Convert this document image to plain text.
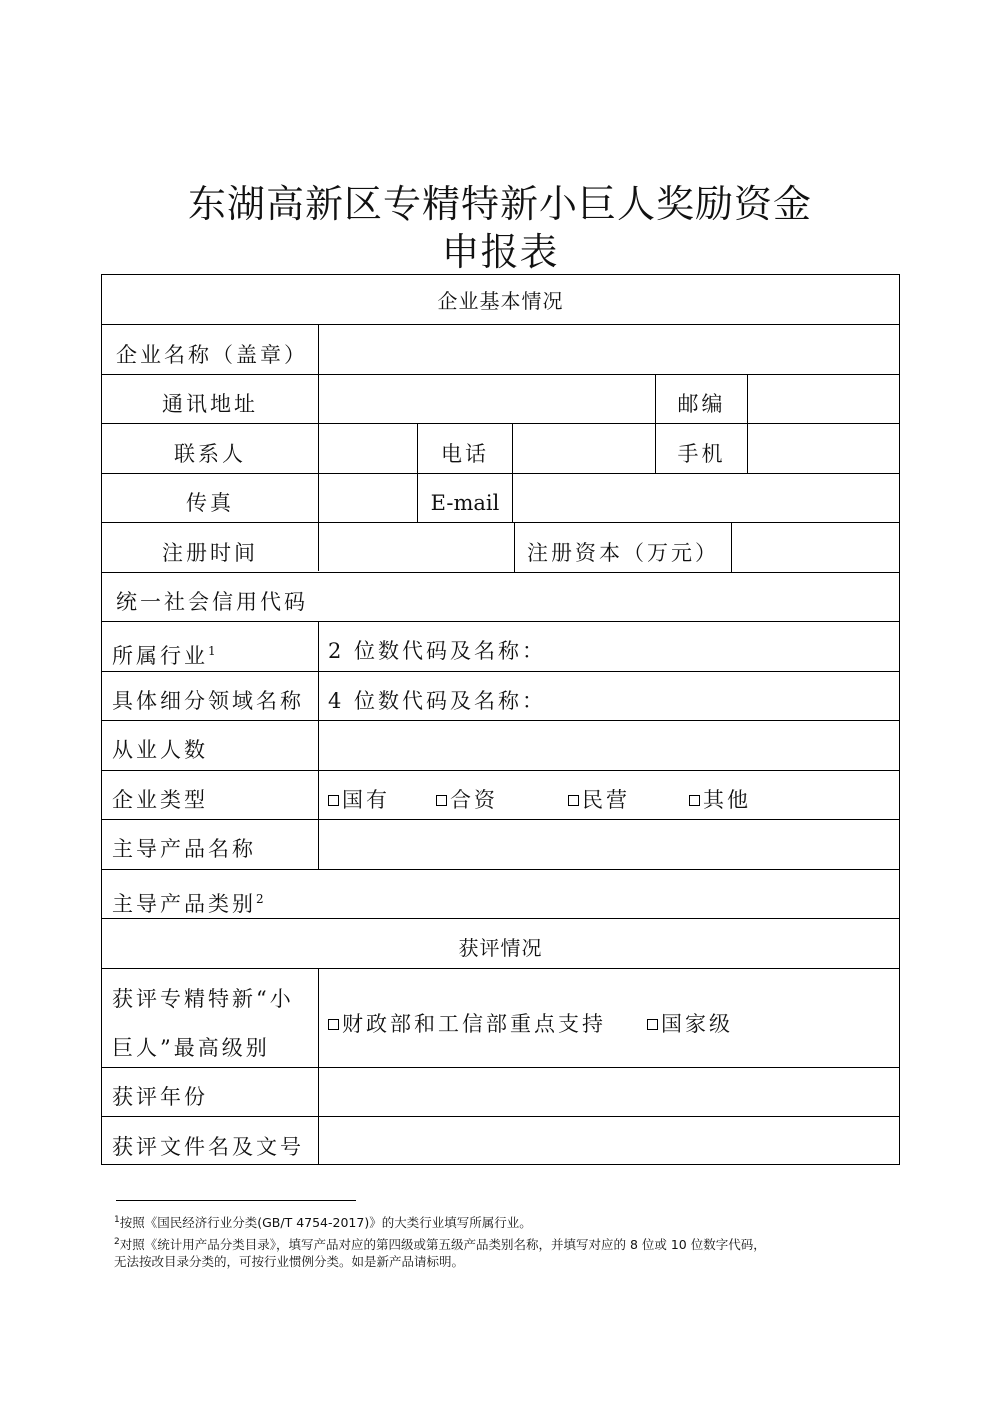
东湖高新区专精特新小巨人奖励资金
申报表
企业基本情况
企业名称（盖章）
通讯地址	邮编
联系人	电话	手机
传真	E-mail
注册时间	注册资本（万元）
统一社会信用代码
所属行业$^1$	2 位数代码及名称：
具体细分领域名称 4 位数代码及名称：
从业人数
企业类型	国有	合资	民营	其他
主导产品名称
主导产品类别$^2$
获评情况
获评专精特新“小
巨人”最高级别
财政部和工信部重点支持	国家级
获评年份
获评文件名及文号
$^1$按照《国民经济行业分类(GB/T 4754-2017)》的大类行业填写所属行业。
$^2$对照《统计用产品分类目录》，填写产品对应的第四级或第五级产品类别名称，并填写对应的 8 位或 10 位数字代码，
无法按改目录分类的，可按行业惯例分类。如是新产品请标明。
